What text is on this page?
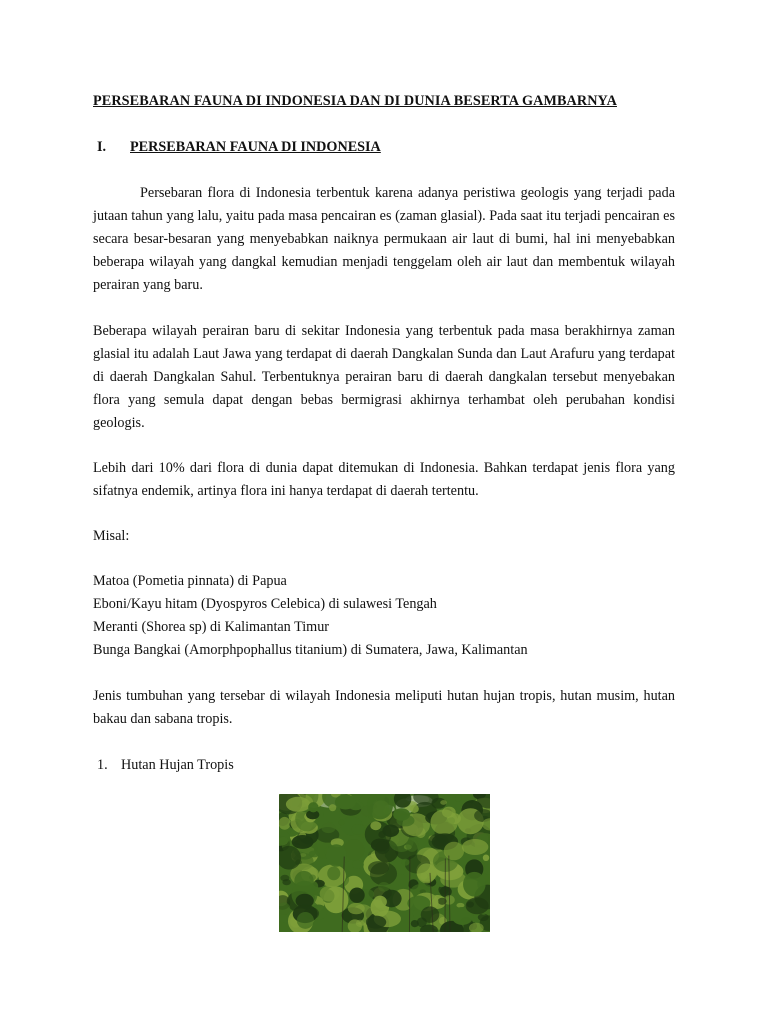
PERSEBARAN FAUNA DI INDONESIA DAN DI DUNIA BESERTA GAMBARNYA
I. PERSEBARAN FAUNA DI INDONESIA

Persebaran flora di Indonesia terbentuk karena adanya peristiwa geologis yang terjadi pada jutaan tahun yang lalu, yaitu pada masa pencairan es (zaman glasial). Pada saat itu terjadi pencairan es secara besar-besaran yang menyebabkan naiknya permukaan air laut di bumi, hal ini menyebabkan beberapa wilayah yang dangkal kemudian menjadi tenggelam oleh air laut dan membentuk wilayah perairan yang baru.

Beberapa wilayah perairan baru di sekitar Indonesia yang terbentuk pada masa berakhirnya zaman glasial itu adalah Laut Jawa yang terdapat di daerah Dangkalan Sunda dan Laut Arafuru yang terdapat di daerah Dangkalan Sahul. Terbentuknya perairan baru di daerah dangkalan tersebut menyebakan flora yang semula dapat dengan bebas bermigrasi akhirnya terhambat oleh perubahan kondisi geologis.

Lebih dari 10% dari flora di dunia dapat ditemukan di Indonesia. Bahkan terdapat jenis flora yang sifatnya endemik, artinya flora ini hanya terdapat di daerah tertentu.

Misal:
Matoa (Pometia pinnata) di Papua
Eboni/Kayu hitam (Dyospyros Celebica) di sulawesi Tengah
Meranti (Shorea sp) di Kalimantan Timur
Bunga Bangkai (Amorphpophallus titanium) di Sumatera, Jawa, Kalimantan

Jenis tumbuhan yang tersebar di wilayah Indonesia meliputi hutan hujan tropis, hutan musim, hutan bakau dan sabana tropis.

1. Hutan Hujan Tropis
